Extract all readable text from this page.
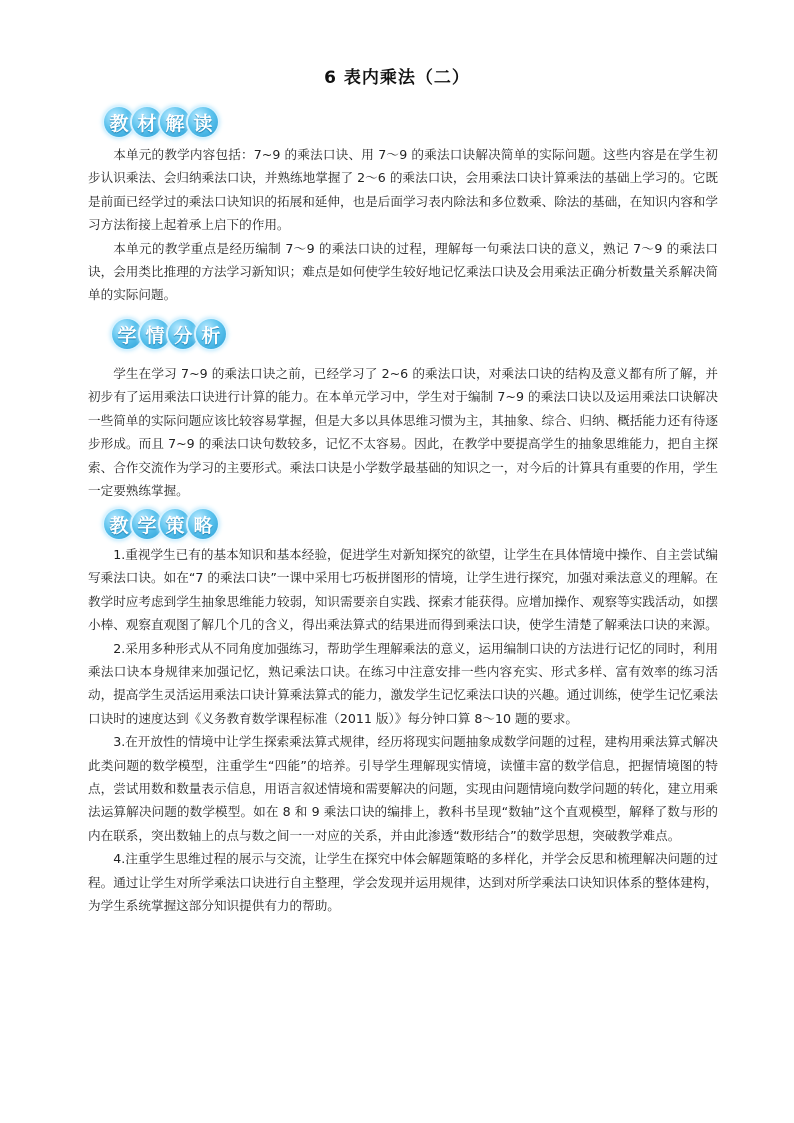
6 表内乘法（二）
教 材 解 读

本单元的教学内容包括：7~9 的乘法口诀、用 7～9 的乘法口诀解决简单的实际问题。这些内容是在学生初步认识乘法、会归纳乘法口诀，并熟练地掌握了 2～6 的乘法口诀，会用乘法口诀计算乘法的基础上学习的。它既是前面已经学过的乘法口诀知识的拓展和延伸，也是后面学习表内除法和多位数乘、除法的基础，在知识内容和学习方法衔接上起着承上启下的作用。

本单元的教学重点是经历编制 7～9 的乘法口诀的过程，理解每一句乘法口诀的意义，熟记 7～9 的乘法口诀，会用类比推理的方法学习新知识；难点是如何使学生较好地记忆乘法口诀及会用乘法正确分析数量关系解决简单的实际问题。

学 情 分 析

学生在学习 7~9 的乘法口诀之前，已经学习了 2~6 的乘法口诀，对乘法口诀的结构及意义都有所了解，并初步有了运用乘法口诀进行计算的能力。在本单元学习中，学生对于编制 7~9 的乘法口诀以及运用乘法口诀解决一些简单的实际问题应该比较容易掌握，但是大多以具体思维习惯为主，其抽象、综合、归纳、概括能力还有待逐步形成。而且 7~9 的乘法口诀句数较多，记忆不太容易。因此，在教学中要提高学生的抽象思维能力，把自主探索、合作交流作为学习的主要形式。乘法口诀是小学数学最基础的知识之一，对今后的计算具有重要的作用，学生一定要熟练掌握。

教 学 策 略

1.重视学生已有的基本知识和基本经验，促进学生对新知探究的欲望，让学生在具体情境中操作、自主尝试编写乘法口诀。如在“7 的乘法口诀”一课中采用七巧板拼图形的情境，让学生进行探究，加强对乘法意义的理解。在教学时应考虑到学生抽象思维能力较弱，知识需要亲自实践、探索才能获得。应增加操作、观察等实践活动，如摆小棒、观察直观图了解几个几的含义，得出乘法算式的结果进而得到乘法口诀，使学生清楚了解乘法口诀的来源。

2.采用多种形式从不同角度加强练习，帮助学生理解乘法的意义，运用编制口诀的方法进行记忆的同时，利用乘法口诀本身规律来加强记忆，熟记乘法口诀。在练习中注意安排一些内容充实、形式多样、富有效率的练习活动，提高学生灵活运用乘法口诀计算乘法算式的能力，激发学生记忆乘法口诀的兴趣。通过训练，使学生记忆乘法口诀时的速度达到《义务教育数学课程标准（2011 版）》每分钟口算 8～10 题的要求。

3.在开放性的情境中让学生探索乘法算式规律，经历将现实问题抽象成数学问题的过程，建构用乘法算式解决此类问题的数学模型，注重学生“四能”的培养。引导学生理解现实情境，读懂丰富的数学信息，把握情境图的特点，尝试用数和数量表示信息，用语言叙述情境和需要解决的问题，实现由问题情境向数学问题的转化，建立用乘法运算解决问题的数学模型。如在 8 和 9 乘法口诀的编排上，教科书呈现“数轴”这个直观模型，解释了数与形的内在联系，突出数轴上的点与数之间一一对应的关系，并由此渗透“数形结合”的数学思想，突破教学难点。

4.注重学生思维过程的展示与交流，让学生在探究中体会解题策略的多样化，并学会反思和梳理解决问题的过程。通过让学生对所学乘法口诀进行自主整理，学会发现并运用规律，达到对所学乘法口诀知识体系的整体建构，为学生系统掌握这部分知识提供有力的帮助。
